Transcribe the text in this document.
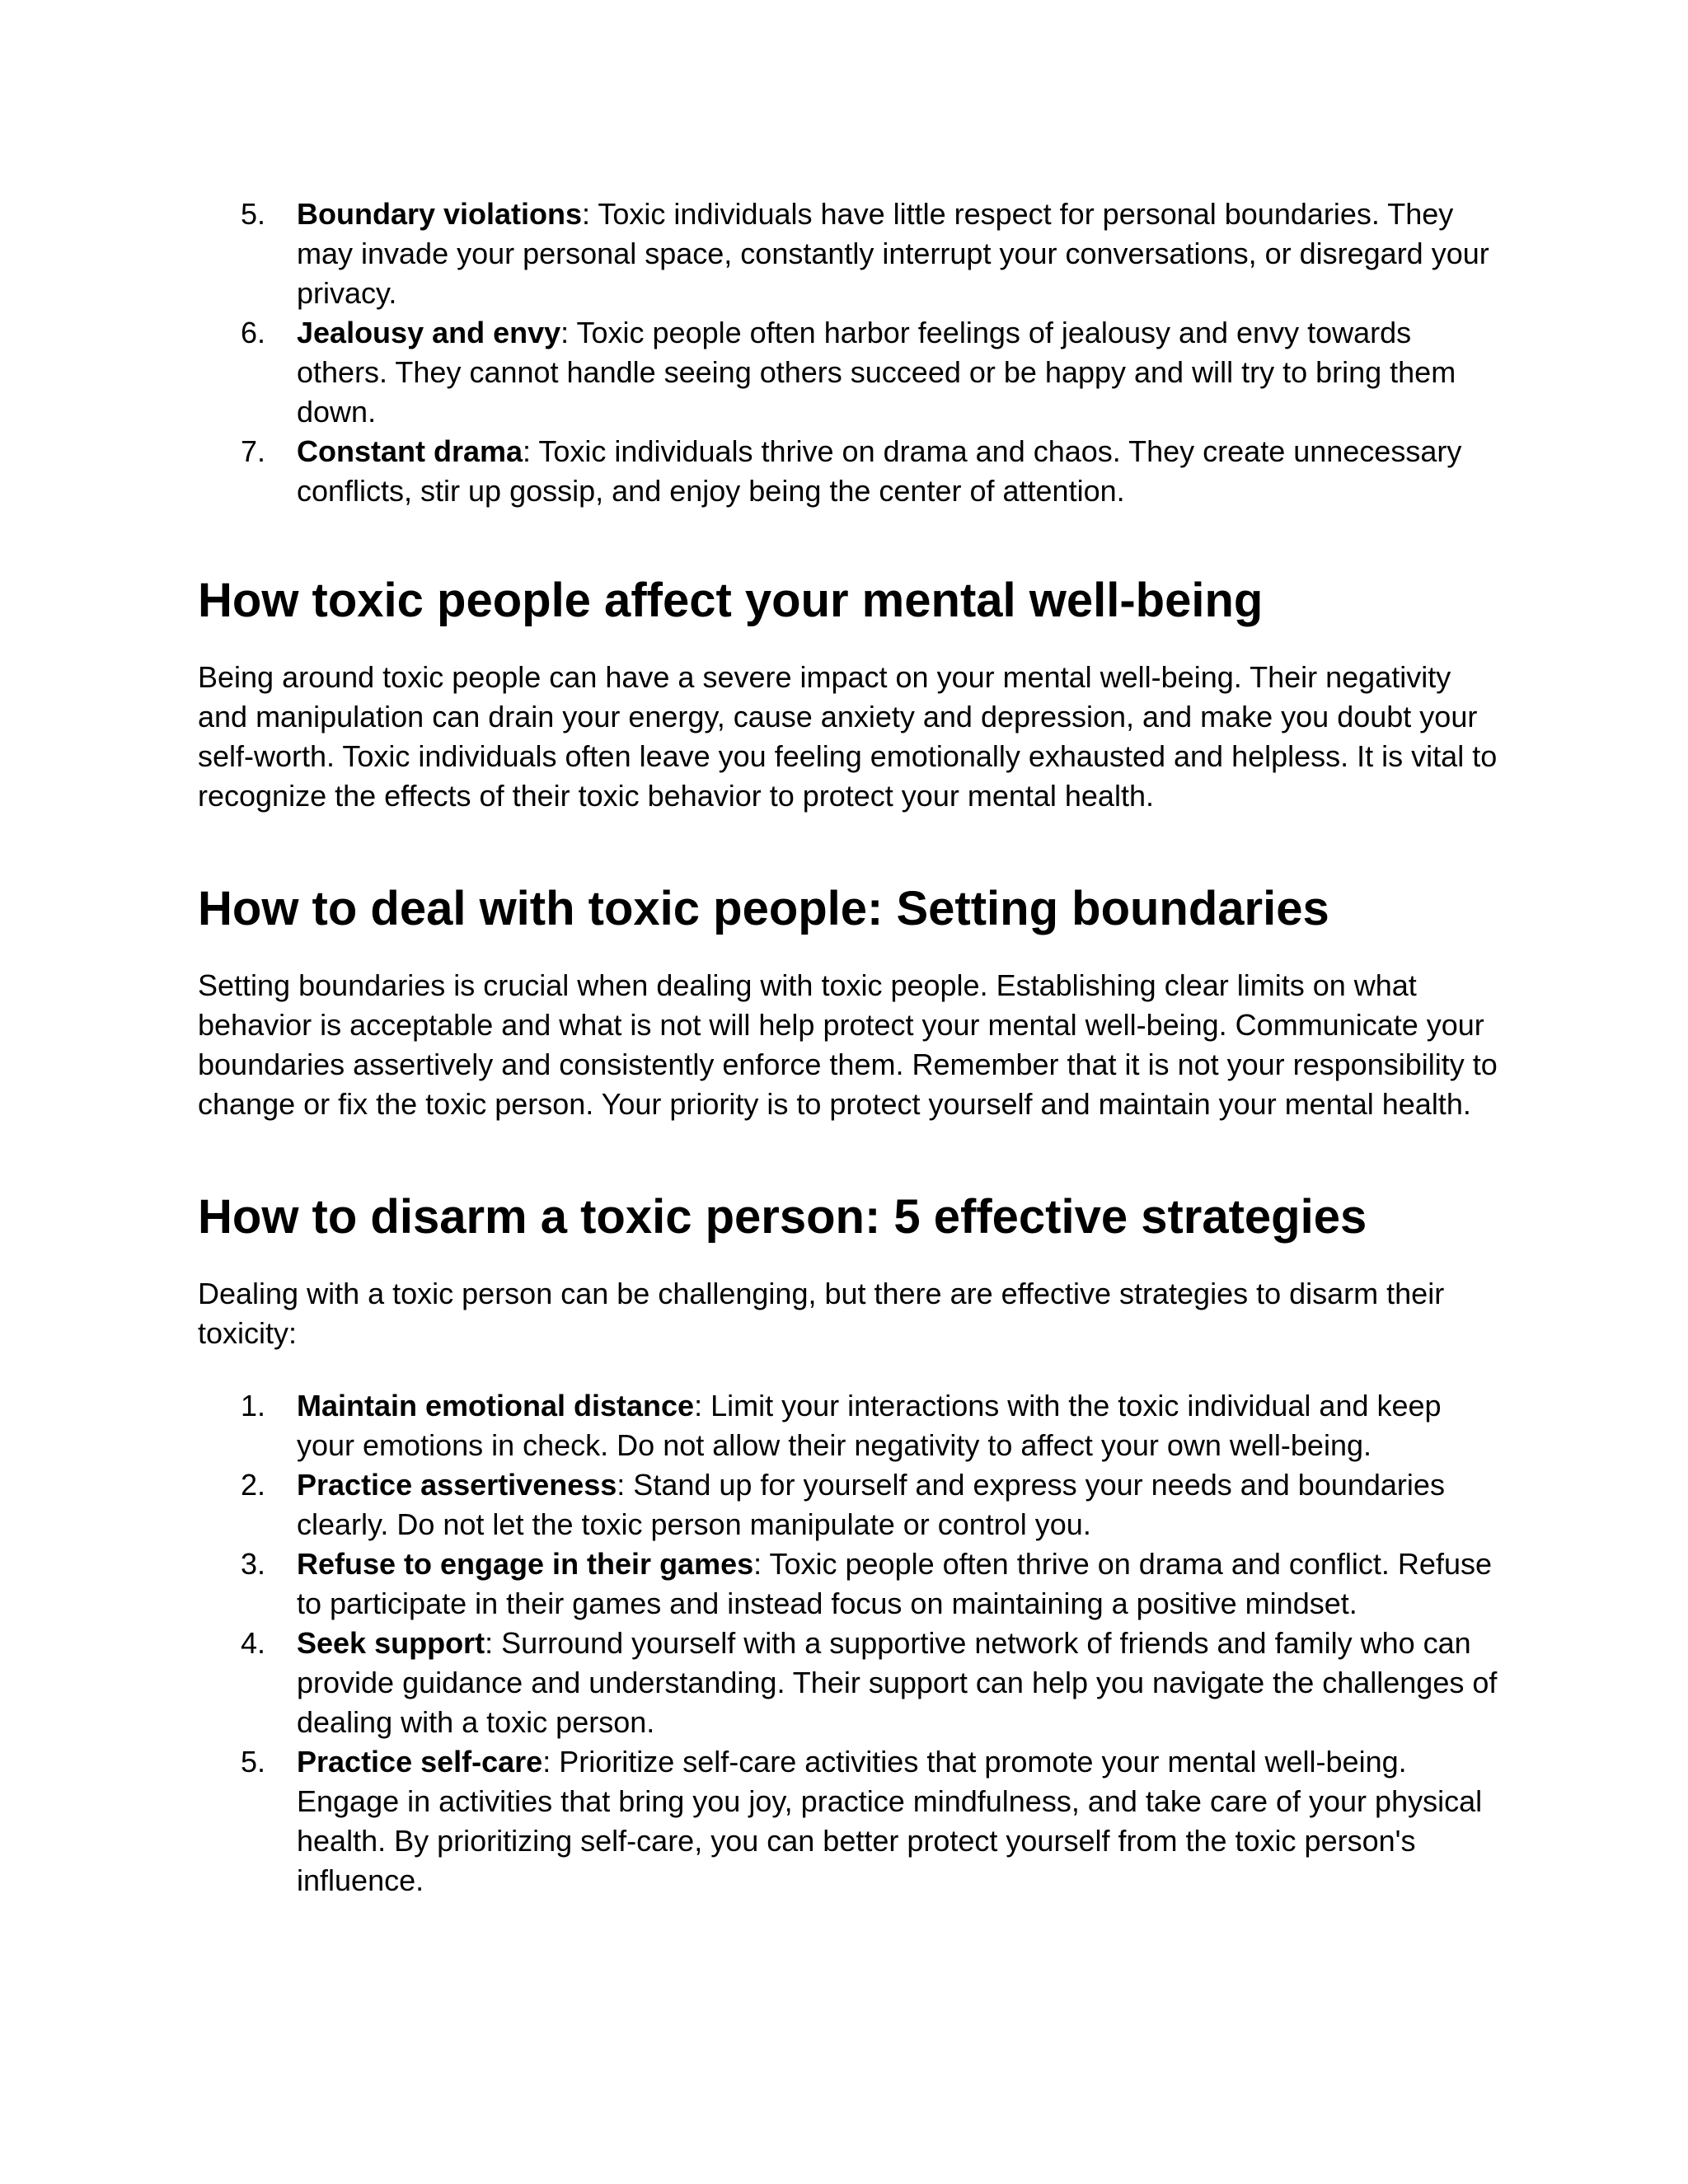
5.	Boundary violations: Toxic individuals have little respect for personal boundaries. They may invade your personal space, constantly interrupt your conversations, or disregard your privacy.
6.	Jealousy and envy: Toxic people often harbor feelings of jealousy and envy towards others. They cannot handle seeing others succeed or be happy and will try to bring them down.
7.	Constant drama: Toxic individuals thrive on drama and chaos. They create unnecessary conflicts, stir up gossip, and enjoy being the center of attention.
How toxic people affect your mental well-being

Being around toxic people can have a severe impact on your mental well-being. Their negativity and manipulation can drain your energy, cause anxiety and depression, and make you doubt your self-worth. Toxic individuals often leave you feeling emotionally exhausted and helpless. It is vital to recognize the effects of their toxic behavior to protect your mental health.

How to deal with toxic people: Setting boundaries

Setting boundaries is crucial when dealing with toxic people. Establishing clear limits on what behavior is acceptable and what is not will help protect your mental well-being. Communicate your boundaries assertively and consistently enforce them. Remember that it is not your responsibility to change or fix the toxic person. Your priority is to protect yourself and maintain your mental health.

How to disarm a toxic person: 5 effective strategies

Dealing with a toxic person can be challenging, but there are effective strategies to disarm their toxicity:

1.	Maintain emotional distance: Limit your interactions with the toxic individual and keep your emotions in check. Do not allow their negativity to affect your own well-being.
2.	Practice assertiveness: Stand up for yourself and express your needs and boundaries clearly. Do not let the toxic person manipulate or control you.
3.	Refuse to engage in their games: Toxic people often thrive on drama and conflict. Refuse to participate in their games and instead focus on maintaining a positive mindset.
4.	Seek support: Surround yourself with a supportive network of friends and family who can provide guidance and understanding. Their support can help you navigate the challenges of dealing with a toxic person.
5.	Practice self-care: Prioritize self-care activities that promote your mental well-being. Engage in activities that bring you joy, practice mindfulness, and take care of your physical health. By prioritizing self-care, you can better protect yourself from the toxic person's influence.
